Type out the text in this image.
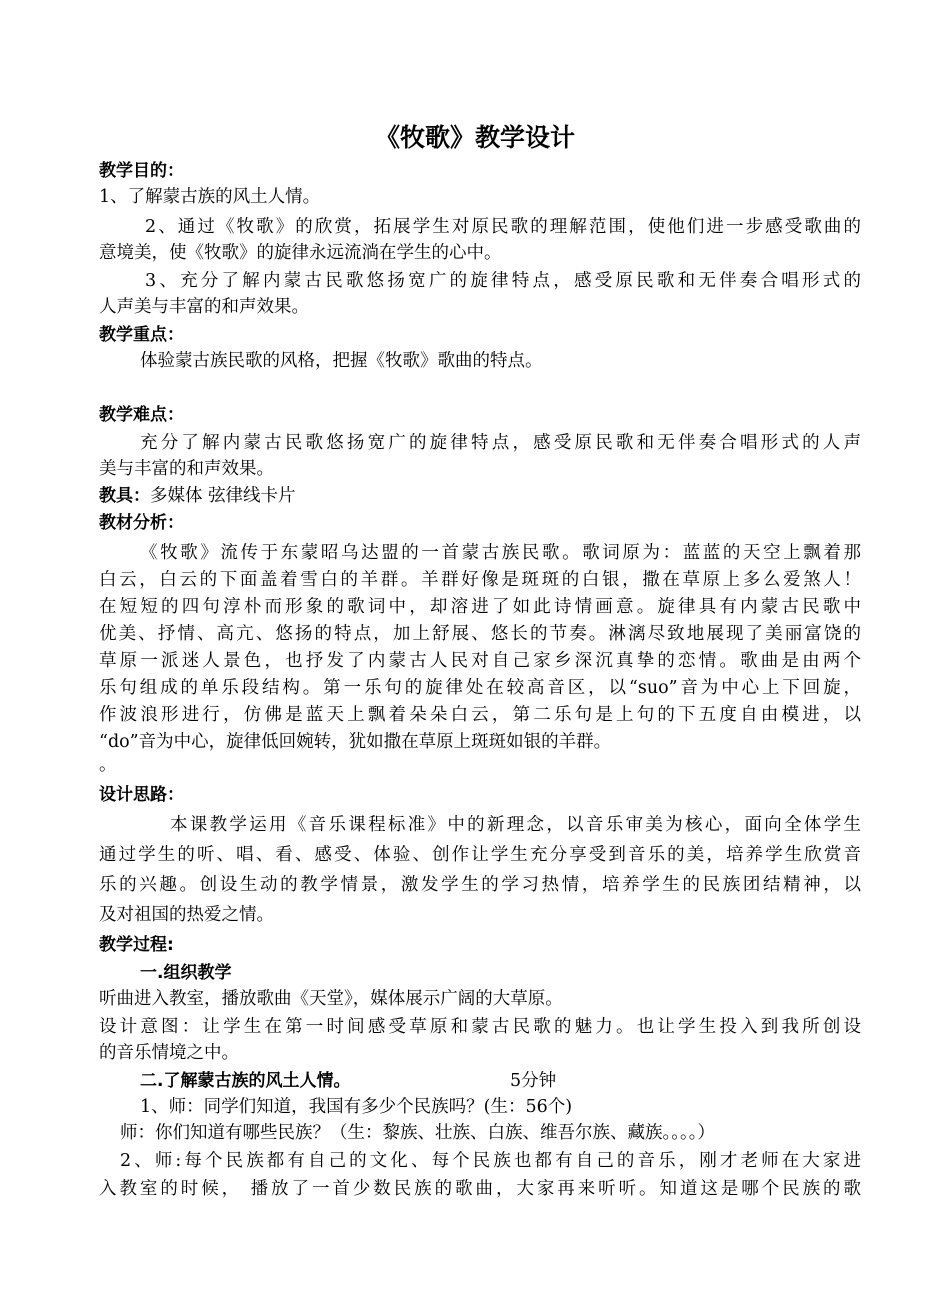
《牧歌》教学设计
教学目的：
1、了解蒙古族的风土人情。
2、通过《牧歌》的欣赏，拓展学生对原民歌的理解范围，使他们进一步感受歌曲的
意境美，使《牧歌》的旋律永远流淌在学生的心中。
3、充分了解内蒙古民歌悠扬宽广的旋律特点，感受原民歌和无伴奏合唱形式的
人声美与丰富的和声效果。
教学重点：
体验蒙古族民歌的风格，把握《牧歌》歌曲的特点。
教学难点：
充分了解内蒙古民歌悠扬宽广的旋律特点，感受原民歌和无伴奏合唱形式的人声
美与丰富的和声效果。
教具：多媒体 弦律线卡片
教材分析：
《牧歌》流传于东蒙昭乌达盟的一首蒙古族民歌。歌词原为：蓝蓝的天空上飘着那
白云，白云的下面盖着雪白的羊群。羊群好像是斑斑的白银，撒在草原上多么爱煞人！
在短短的四句淳朴而形象的歌词中，却溶进了如此诗情画意。旋律具有内蒙古民歌中
优美、抒情、高亢、悠扬的特点，加上舒展、悠长的节奏。淋漓尽致地展现了美丽富饶的
草原一派迷人景色，也抒发了内蒙古人民对自己家乡深沉真挚的恋情。歌曲是由两个
乐句组成的单乐段结构。第一乐句的旋律处在较高音区，以“suo”音为中心上下回旋，
作波浪形进行，仿佛是蓝天上飘着朵朵白云，第二乐句是上句的下五度自由模进，以
“do”音为中心，旋律低回婉转，犹如撒在草原上斑斑如银的羊群。
。
设计思路：
本课教学运用《音乐课程标准》中的新理念，以音乐审美为核心，面向全体学生
通过学生的听、唱、看、感受、体验、创作让学生充分享受到音乐的美，培养学生欣赏音
乐的兴趣。创设生动的教学情景，激发学生的学习热情，培养学生的民族团结精神，以
及对祖国的热爱之情。
教学过程:
一.组织教学
听曲进入教室，播放歌曲《天堂》，媒体展示广阔的大草原。
设计意图：让学生在第一时间感受草原和蒙古民歌的魅力。也让学生投入到我所创设
的音乐情境之中。
二.了解蒙古族的风土人情。	5分钟
1、师：同学们知道，我国有多少个民族吗？(生：56个)
师：你们知道有哪些民族？（生：黎族、壮族、白族、维吾尔族、藏族。。。。）
2、师:每个民族都有自己的文化、每个民族也都有自己的音乐，刚才老师在大家进
入教室的时候， 播放了一首少数民族的歌曲，大家再来听听。知道这是哪个民族的歌
